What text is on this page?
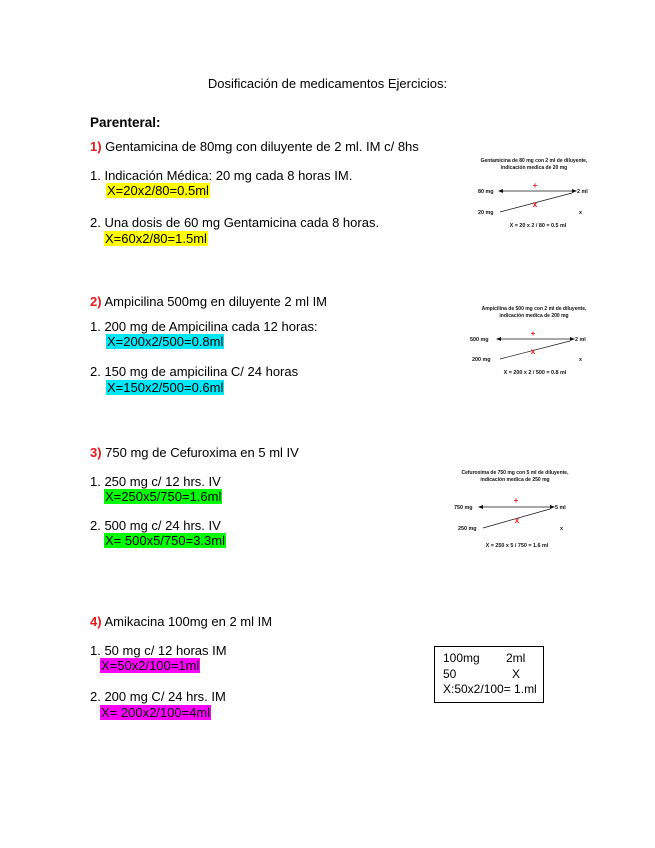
Dosificación de medicamentos Ejercicios:
Parenteral:
1) Gentamicina de 80mg con diluyente de 2 ml. IM c/ 8hs
1. Indicación Médica: 20 mg cada 8 horas IM.
X=20x2/80=0.5ml
2. Una dosis de 60 mg Gentamicina cada 8 horas.
X=60x2/80=1.5ml
Gentamicina de 80 mg con 2 ml de diluyente,
indicación medica de 20 mg
80 mg	2 ml
20 mg	x
+
x
X = 20 x 2 / 80 = 0.5 ml
2) Ampicilina 500mg en diluyente 2 ml IM
1. 200 mg de Ampicilina cada 12 horas:
X=200x2/500=0.8ml
2. 150 mg de ampicilina C/ 24 horas
X=150x2/500=0.6ml
Ampicilina de 500 mg con 2 ml de diluyente,
indicación medica de 200 mg
500 mg	2 ml
200 mg	x
+
x
X = 200 x 2 / 500 = 0.8 ml
3) 750 mg de Cefuroxima en 5 ml IV
1. 250 mg c/ 12 hrs. IV
X=250x5/750=1.6ml
2. 500 mg c/ 24 hrs. IV
X= 500x5/750=3.3ml
Cefuroxima de 750 mg con 5 ml de diluyente,
indicación medica de 250 mg
750 mg	5 ml
250 mg	x
+
x
X = 250 x 5 / 750 = 1.6 ml
4) Amikacina 100mg en 2 ml IM
1. 50 mg c/ 12 horas IM
X=50x2/100=1ml
2. 200 mg C/ 24 hrs. IM
X= 200x2/100=4ml
100mg 2ml
50	X
X:50x2/100= 1.ml
